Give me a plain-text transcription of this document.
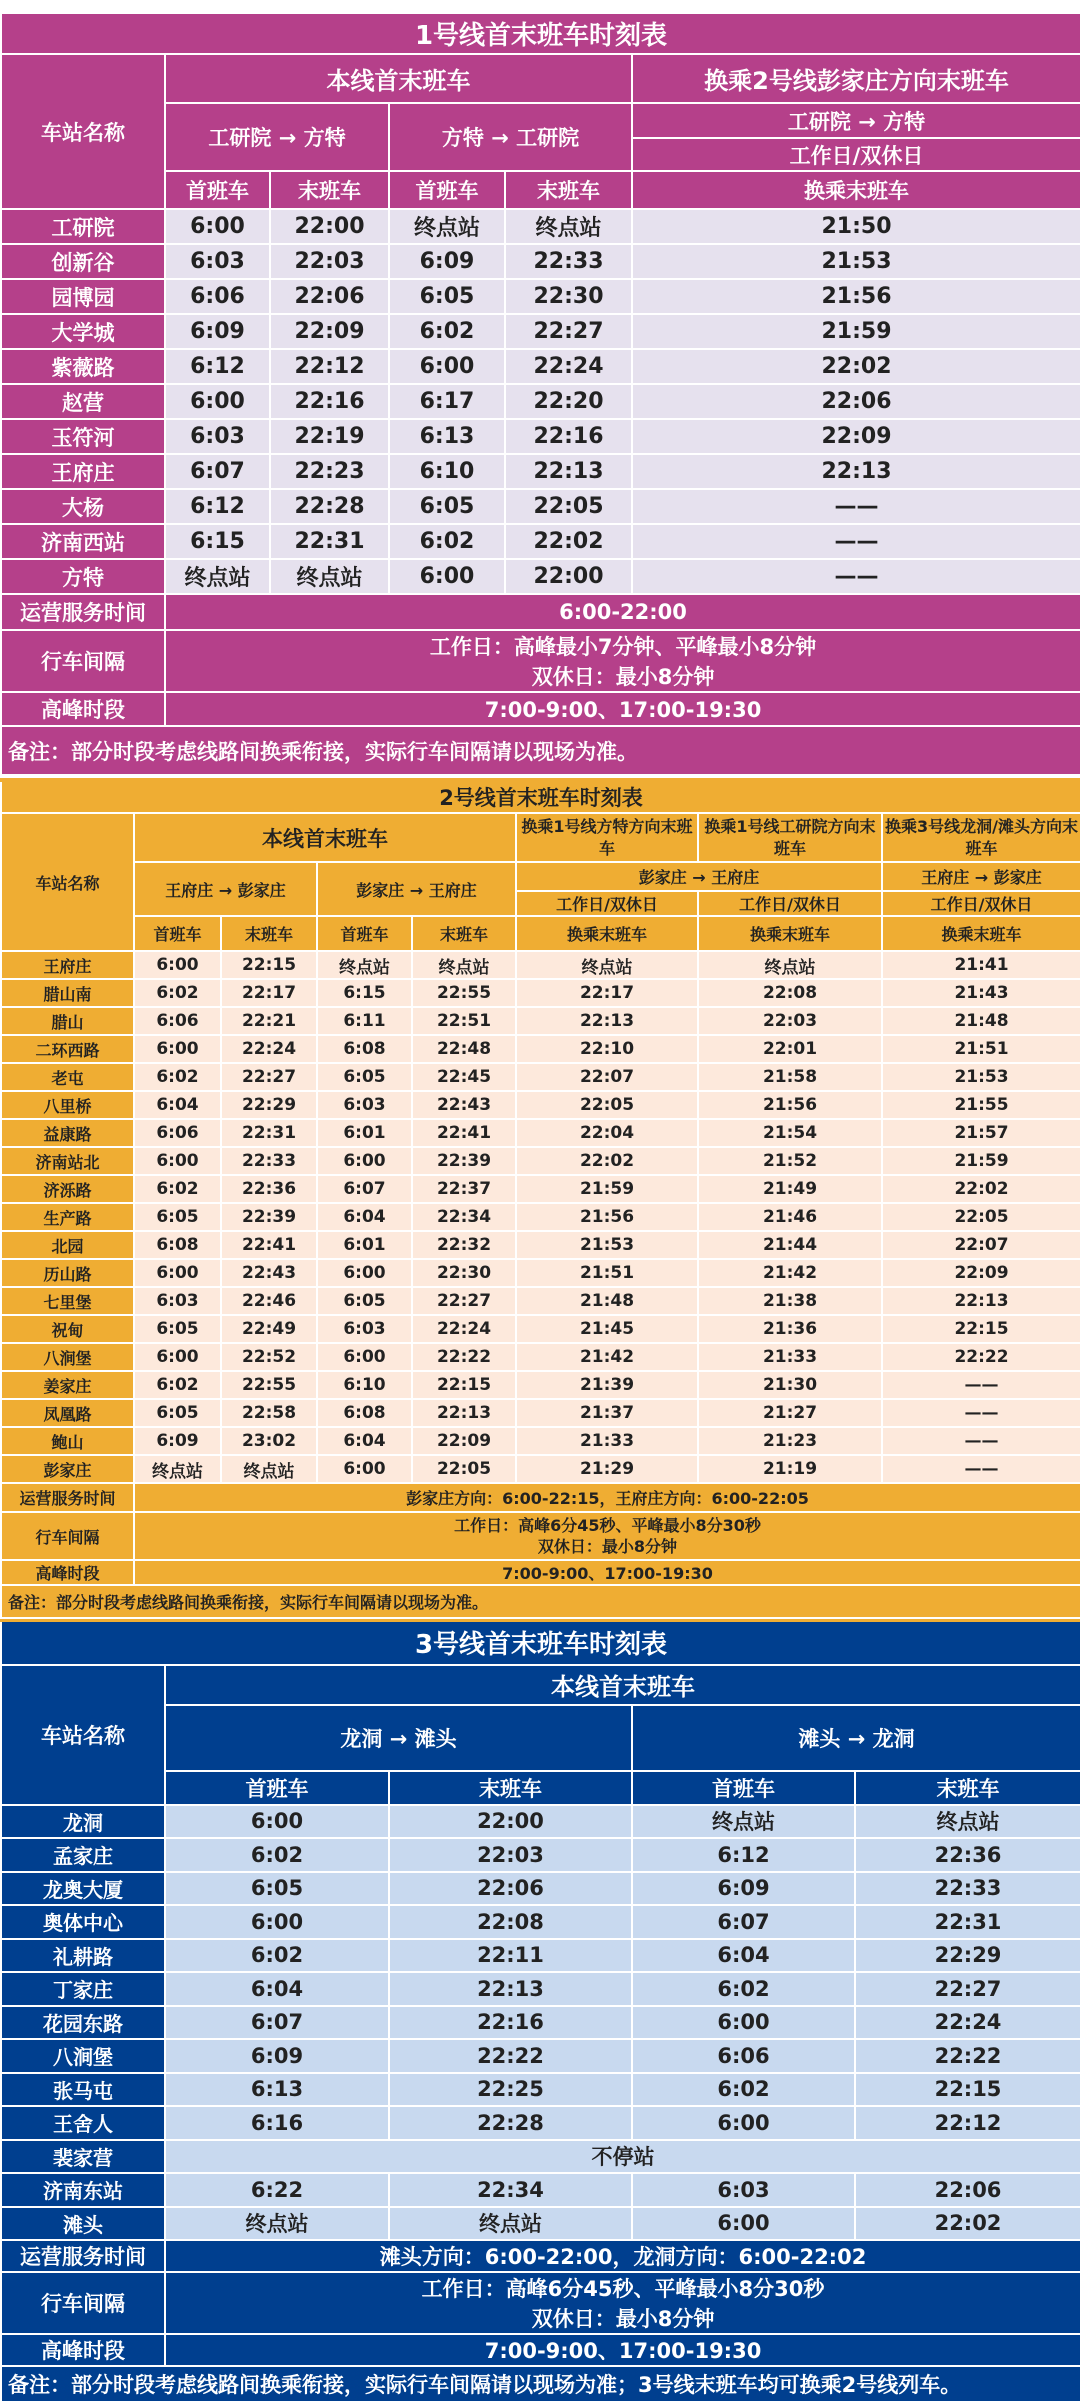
1号线首末班车时刻表					
车站名称	本线首末班车				换乘2号线彭家庄方向末班车
	工研院 → 方特		方特 → 工研院		工研院 → 方特
					工作日/双休日
	首班车	末班车	首班车	末班车	换乘末班车
工研院	6:00	22:00	终点站	终点站	21:50
创新谷	6:03	22:03	6:09	22:33	21:53
园博园	6:06	22:06	6:05	22:30	21:56
大学城	6:09	22:09	6:02	22:27	21:59
紫薇路	6:12	22:12	6:00	22:24	22:02
赵营	6:00	22:16	6:17	22:20	22:06
玉符河	6:03	22:19	6:13	22:16	22:09
王府庄	6:07	22:23	6:10	22:13	22:13
大杨	6:12	22:28	6:05	22:05	——
济南西站	6:15	22:31	6:02	22:02	——
方特	终点站	终点站	6:00	22:00	——
运营服务时间	6:00-22:00				
行车间隔	工作日：高峰最小7分钟、平峰最小8分钟
双休日：最小8分钟				

高峰时段	7:00-9:00、17:00-19:30				
备注：部分时段考虑线路间换乘衔接，实际行车间隔请以现场为准。					
2号线首末班车时刻表							
车站名称	本线首末班车				换乘1号线方特方向末班车	换乘1号线工研院方向末班车	换乘3号线龙洞/滩头方向末班车
	王府庄 → 彭家庄		彭家庄 → 王府庄		彭家庄 → 王府庄		王府庄 → 彭家庄
					工作日/双休日	工作日/双休日	工作日/双休日
	首班车	末班车	首班车	末班车	换乘末班车	换乘末班车	换乘末班车
王府庄	6:00	22:15	终点站	终点站	终点站	终点站	21:41
腊山南	6:02	22:17	6:15	22:55	22:17	22:08	21:43
腊山	6:06	22:21	6:11	22:51	22:13	22:03	21:48
二环西路	6:00	22:24	6:08	22:48	22:10	22:01	21:51
老屯	6:02	22:27	6:05	22:45	22:07	21:58	21:53
八里桥	6:04	22:29	6:03	22:43	22:05	21:56	21:55
益康路	6:06	22:31	6:01	22:41	22:04	21:54	21:57
济南站北	6:00	22:33	6:00	22:39	22:02	21:52	21:59
济泺路	6:02	22:36	6:07	22:37	21:59	21:49	22:02
生产路	6:05	22:39	6:04	22:34	21:56	21:46	22:05
北园	6:08	22:41	6:01	22:32	21:53	21:44	22:07
历山路	6:00	22:43	6:00	22:30	21:51	21:42	22:09
七里堡	6:03	22:46	6:05	22:27	21:48	21:38	22:13
祝甸	6:05	22:49	6:03	22:24	21:45	21:36	22:15
八涧堡	6:00	22:52	6:00	22:22	21:42	21:33	22:22
姜家庄	6:02	22:55	6:10	22:15	21:39	21:30	——
凤凰路	6:05	22:58	6:08	22:13	21:37	21:27	——
鲍山	6:09	23:02	6:04	22:09	21:33	21:23	——
彭家庄	终点站	终点站	6:00	22:05	21:29	21:19	——
运营服务时间	彭家庄方向：6:00-22:15，王府庄方向：6:00-22:05						
行车间隔	工作日：高峰6分45秒、平峰最小8分30秒
双休日：最小8分钟						

高峰时段	7:00-9:00、17:00-19:30						
备注：部分时段考虑线路间换乘衔接，实际行车间隔请以现场为准。							
3号线首末班车时刻表				
车站名称	本线首末班车			
	龙洞 → 滩头		滩头 → 龙洞	
	首班车	末班车	首班车	末班车
龙洞	6:00	22:00	终点站	终点站
孟家庄	6:02	22:03	6:12	22:36
龙奥大厦	6:05	22:06	6:09	22:33
奥体中心	6:00	22:08	6:07	22:31
礼耕路	6:02	22:11	6:04	22:29
丁家庄	6:04	22:13	6:02	22:27
花园东路	6:07	22:16	6:00	22:24
八涧堡	6:09	22:22	6:06	22:22
张马屯	6:13	22:25	6:02	22:15
王舍人	6:16	22:28	6:00	22:12
裴家营	不停站			
济南东站	6:22	22:34	6:03	22:06
滩头	终点站	终点站	6:00	22:02
运营服务时间	滩头方向：6:00-22:00，龙洞方向：6:00-22:02			
行车间隔	工作日：高峰6分45秒、平峰最小8分30秒
双休日：最小8分钟			

高峰时段	7:00-9:00、17:00-19:30			
备注：部分时段考虑线路间换乘衔接，实际行车间隔请以现场为准；3号线末班车均可换乘2号线列车。				
